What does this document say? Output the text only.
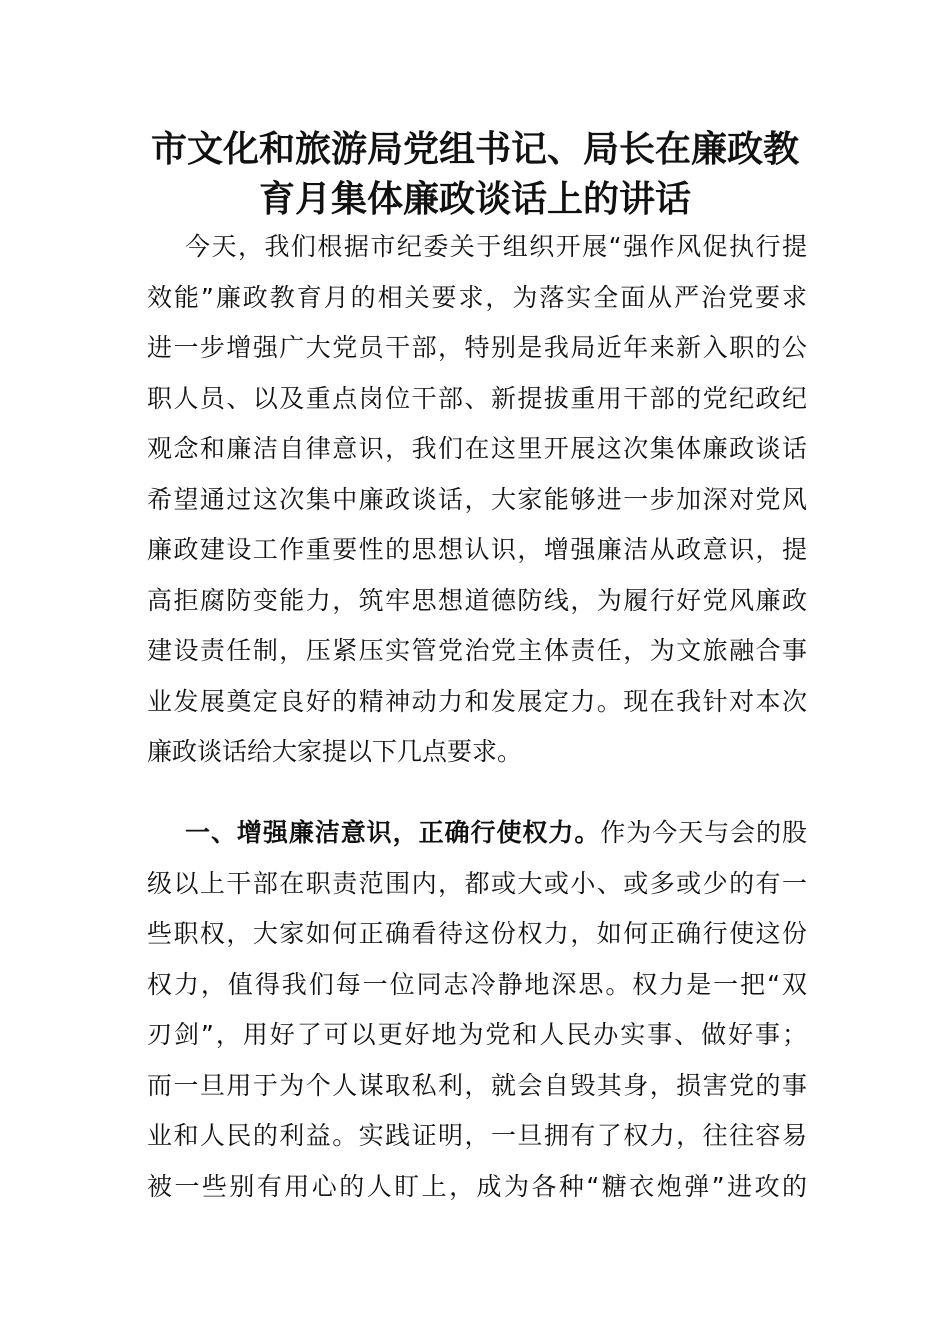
市文化和旅游局党组书记、局长在廉政教
育月集体廉政谈话上的讲话
今天，我们根据市纪委关于组织开展“强作风促执行提
效能”廉政教育月的相关要求，为落实全面从严治党要求
进一步增强广大党员干部，特别是我局近年来新入职的公
职人员、以及重点岗位干部、新提拔重用干部的党纪政纪
观念和廉洁自律意识，我们在这里开展这次集体廉政谈话
希望通过这次集中廉政谈话，大家能够进一步加深对党风
廉政建设工作重要性的思想认识，增强廉洁从政意识，提
高拒腐防变能力，筑牢思想道德防线，为履行好党风廉政
建设责任制，压紧压实管党治党主体责任，为文旅融合事
业发展奠定良好的精神动力和发展定力。现在我针对本次
廉政谈话给大家提以下几点要求。
一、增强廉洁意识，正确行使权力。作为今天与会的股
级以上干部在职责范围内，都或大或小、或多或少的有一
些职权，大家如何正确看待这份权力，如何正确行使这份
权力，值得我们每一位同志冷静地深思。权力是一把“双
刃剑”，用好了可以更好地为党和人民办实事、做好事；
而一旦用于为个人谋取私利，就会自毁其身，损害党的事
业和人民的利益。实践证明，一旦拥有了权力，往往容易
被一些别有用心的人盯上，成为各种“糖衣炮弹”进攻的
